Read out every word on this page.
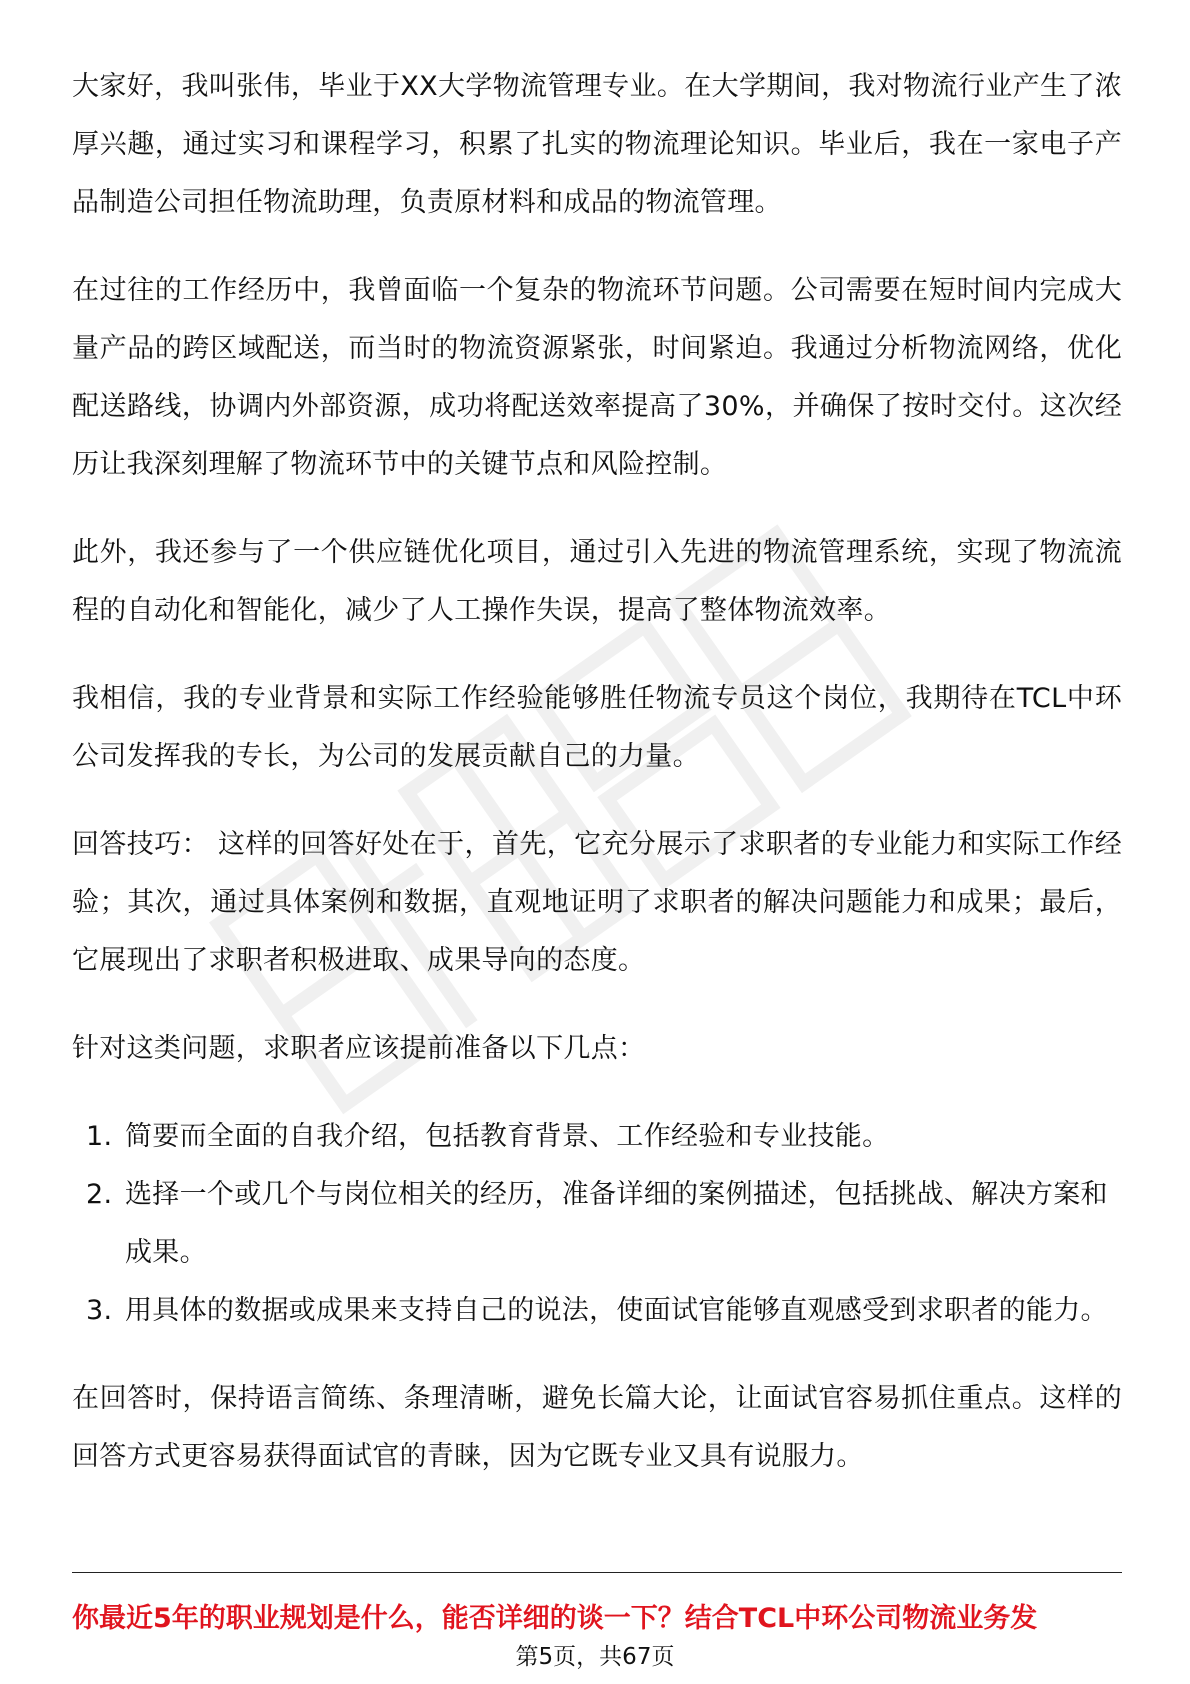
大家好，我叫张伟，毕业于XX大学物流管理专业。在大学期间，我对物流行业产生了浓厚兴趣，通过实习和课程学习，积累了扎实的物流理论知识。毕业后，我在一家电子产品制造公司担任物流助理，负责原材料和成品的物流管理。

在过往的工作经历中，我曾面临一个复杂的物流环节问题。公司需要在短时间内完成大量产品的跨区域配送，而当时的物流资源紧张，时间紧迫。我通过分析物流网络，优化配送路线，协调内外部资源，成功将配送效率提高了30%，并确保了按时交付。这次经历让我深刻理解了物流环节中的关键节点和风险控制。

此外，我还参与了一个供应链优化项目，通过引入先进的物流管理系统，实现了物流流程的自动化和智能化，减少了人工操作失误，提高了整体物流效率。

我相信，我的专业背景和实际工作经验能够胜任物流专员这个岗位，我期待在TCL中环公司发挥我的专长，为公司的发展贡献自己的力量。

回答技巧： 这样的回答好处在于，首先，它充分展示了求职者的专业能力和实际工作经验；其次，通过具体案例和数据，直观地证明了求职者的解决问题能力和成果；最后，它展现出了求职者积极进取、成果导向的态度。

针对这类问题，求职者应该提前准备以下几点：

1. 简要而全面的自我介绍，包括教育背景、工作经验和专业技能。
2. 选择一个或几个与岗位相关的经历，准备详细的案例描述，包括挑战、解决方案和成果。
3. 用具体的数据或成果来支持自己的说法，使面试官能够直观感受到求职者的能力。

在回答时，保持语言简练、条理清晰，避免长篇大论，让面试官容易抓住重点。这样的回答方式更容易获得面试官的青睐，因为它既专业又具有说服力。

你最近5年的职业规划是什么，能否详细的谈一下？结合TCL中环公司物流业务发
第5页，共67页
